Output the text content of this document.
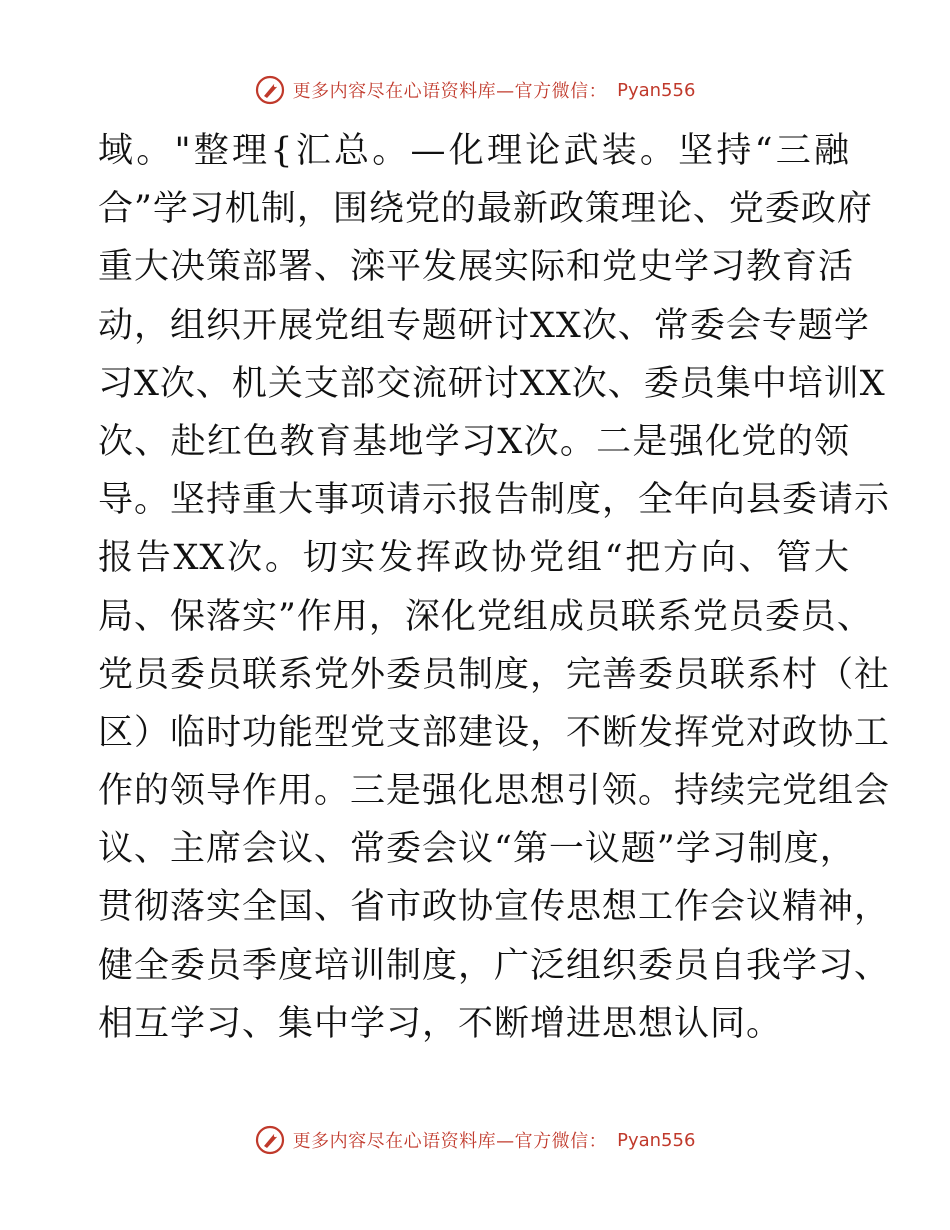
更多内容尽在心语资料库—官方微信： Pyan556
域。"整理{汇总。—化理论武装。坚持“三融
合”学习机制，围绕党的最新政策理论、党委政府
重大决策部署、滦平发展实际和党史学习教育活
动，组织开展党组专题研讨XX次、常委会专题学
习X次、机关支部交流研讨XX次、委员集中培训X
次、赴红色教育基地学习X次。二是强化党的领
导。坚持重大事项请示报告制度，全年向县委请示
报告XX次。切实发挥政协党组“把方向、管大
局、保落实”作用，深化党组成员联系党员委员、
党员委员联系党外委员制度，完善委员联系村（社
区）临时功能型党支部建设，不断发挥党对政协工
作的领导作用。三是强化思想引领。持续完党组会
议、主席会议、常委会议“第一议题”学习制度，
贯彻落实全国、省市政协宣传思想工作会议精神，
健全委员季度培训制度，广泛组织委员自我学习、
相互学习、集中学习，不断增进思想认同。
更多内容尽在心语资料库—官方微信： Pyan556
